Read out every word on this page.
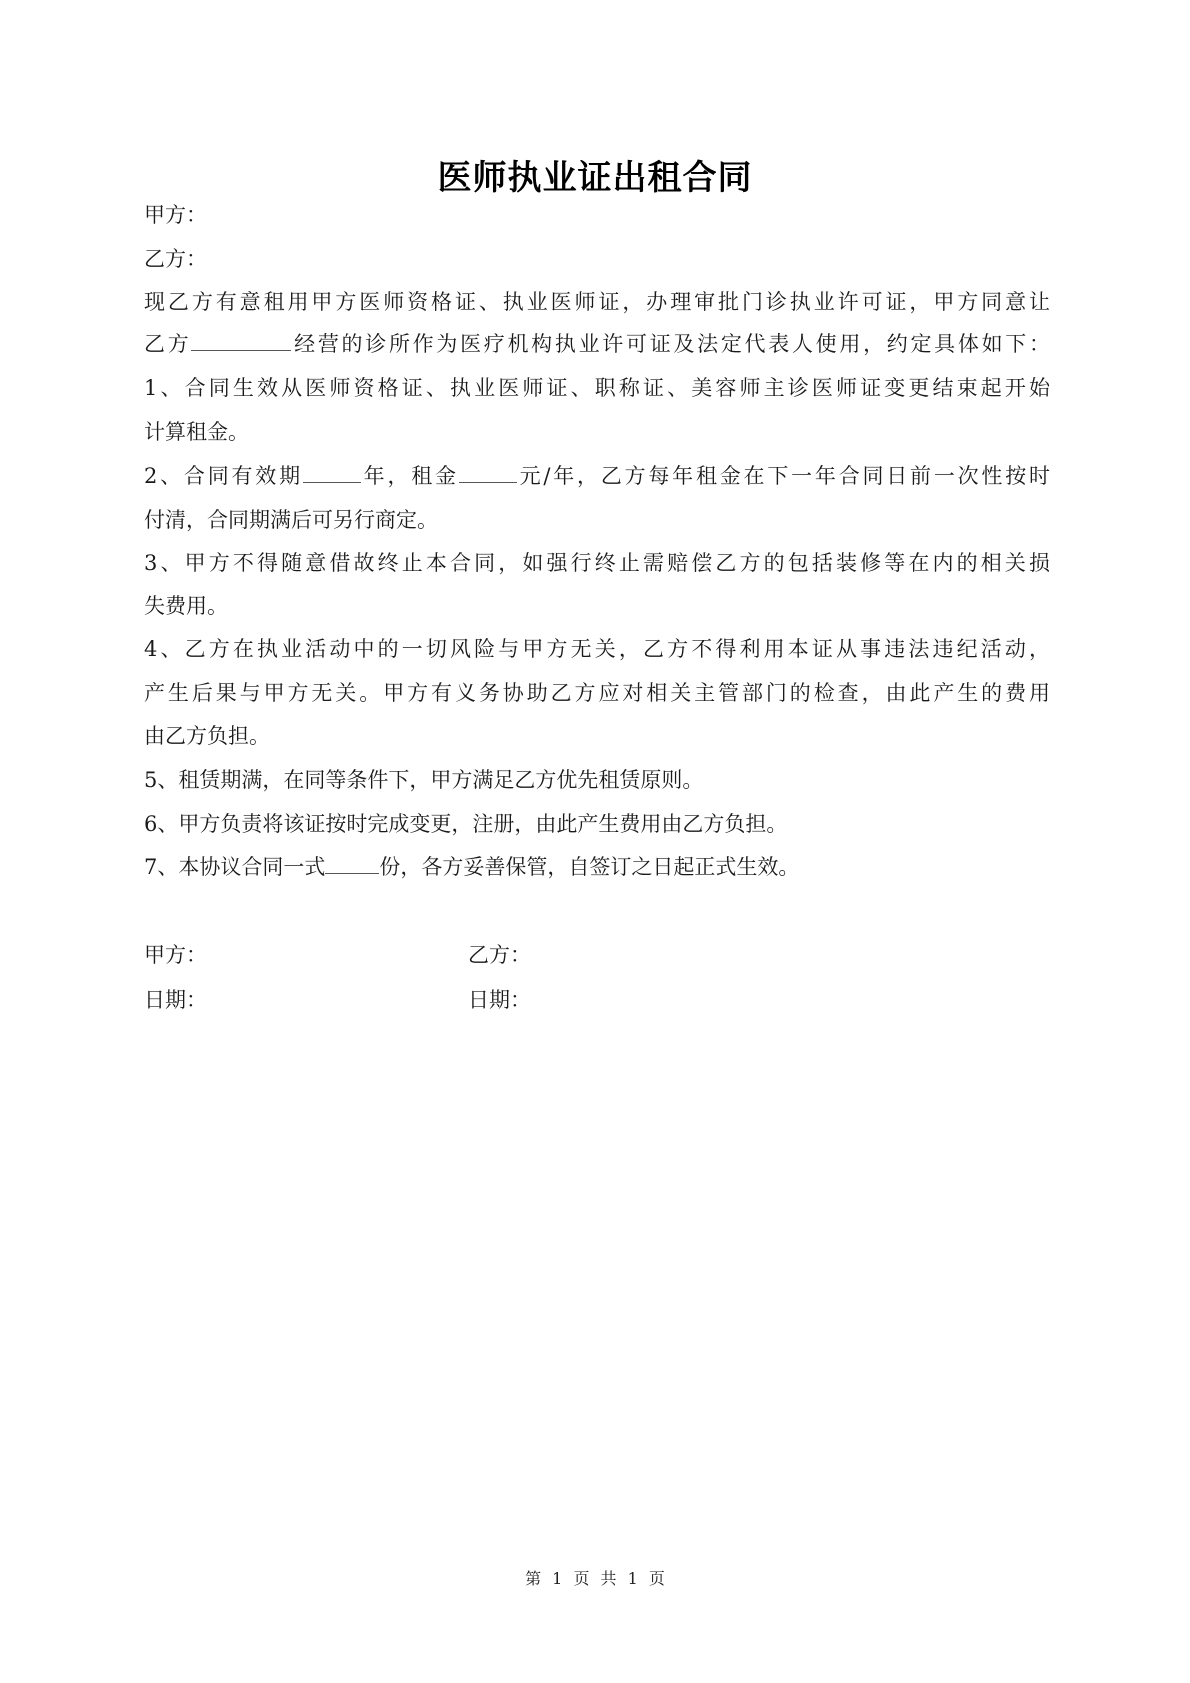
医师执业证出租合同
甲方：
乙方：
现乙方有意租用甲方医师资格证、执业医师证，办理审批门诊执业许可证，甲方同意让
乙方	经营的诊所作为医疗机构执业许可证及法定代表人使用，约定具体如下：
1、合同生效从医师资格证、执业医师证、职称证、美容师主诊医师证变更结束起开始
计算租金。
2、合同有效期	年，租金	元/年，乙方每年租金在下一年合同日前一次性按时
付清，合同期满后可另行商定。
3、甲方不得随意借故终止本合同，如强行终止需赔偿乙方的包括装修等在内的相关损
失费用。
4、乙方在执业活动中的一切风险与甲方无关，乙方不得利用本证从事违法违纪活动，
产生后果与甲方无关。甲方有义务协助乙方应对相关主管部门的检查，由此产生的费用
由乙方负担。
5、租赁期满，在同等条件下，甲方满足乙方优先租赁原则。
6、甲方负责将该证按时完成变更，注册，由此产生费用由乙方负担。
7、本协议合同一式	份，各方妥善保管，自签订之日起正式生效。
甲方：	乙方：
日期：	日期：
第 1 页 共 1 页
